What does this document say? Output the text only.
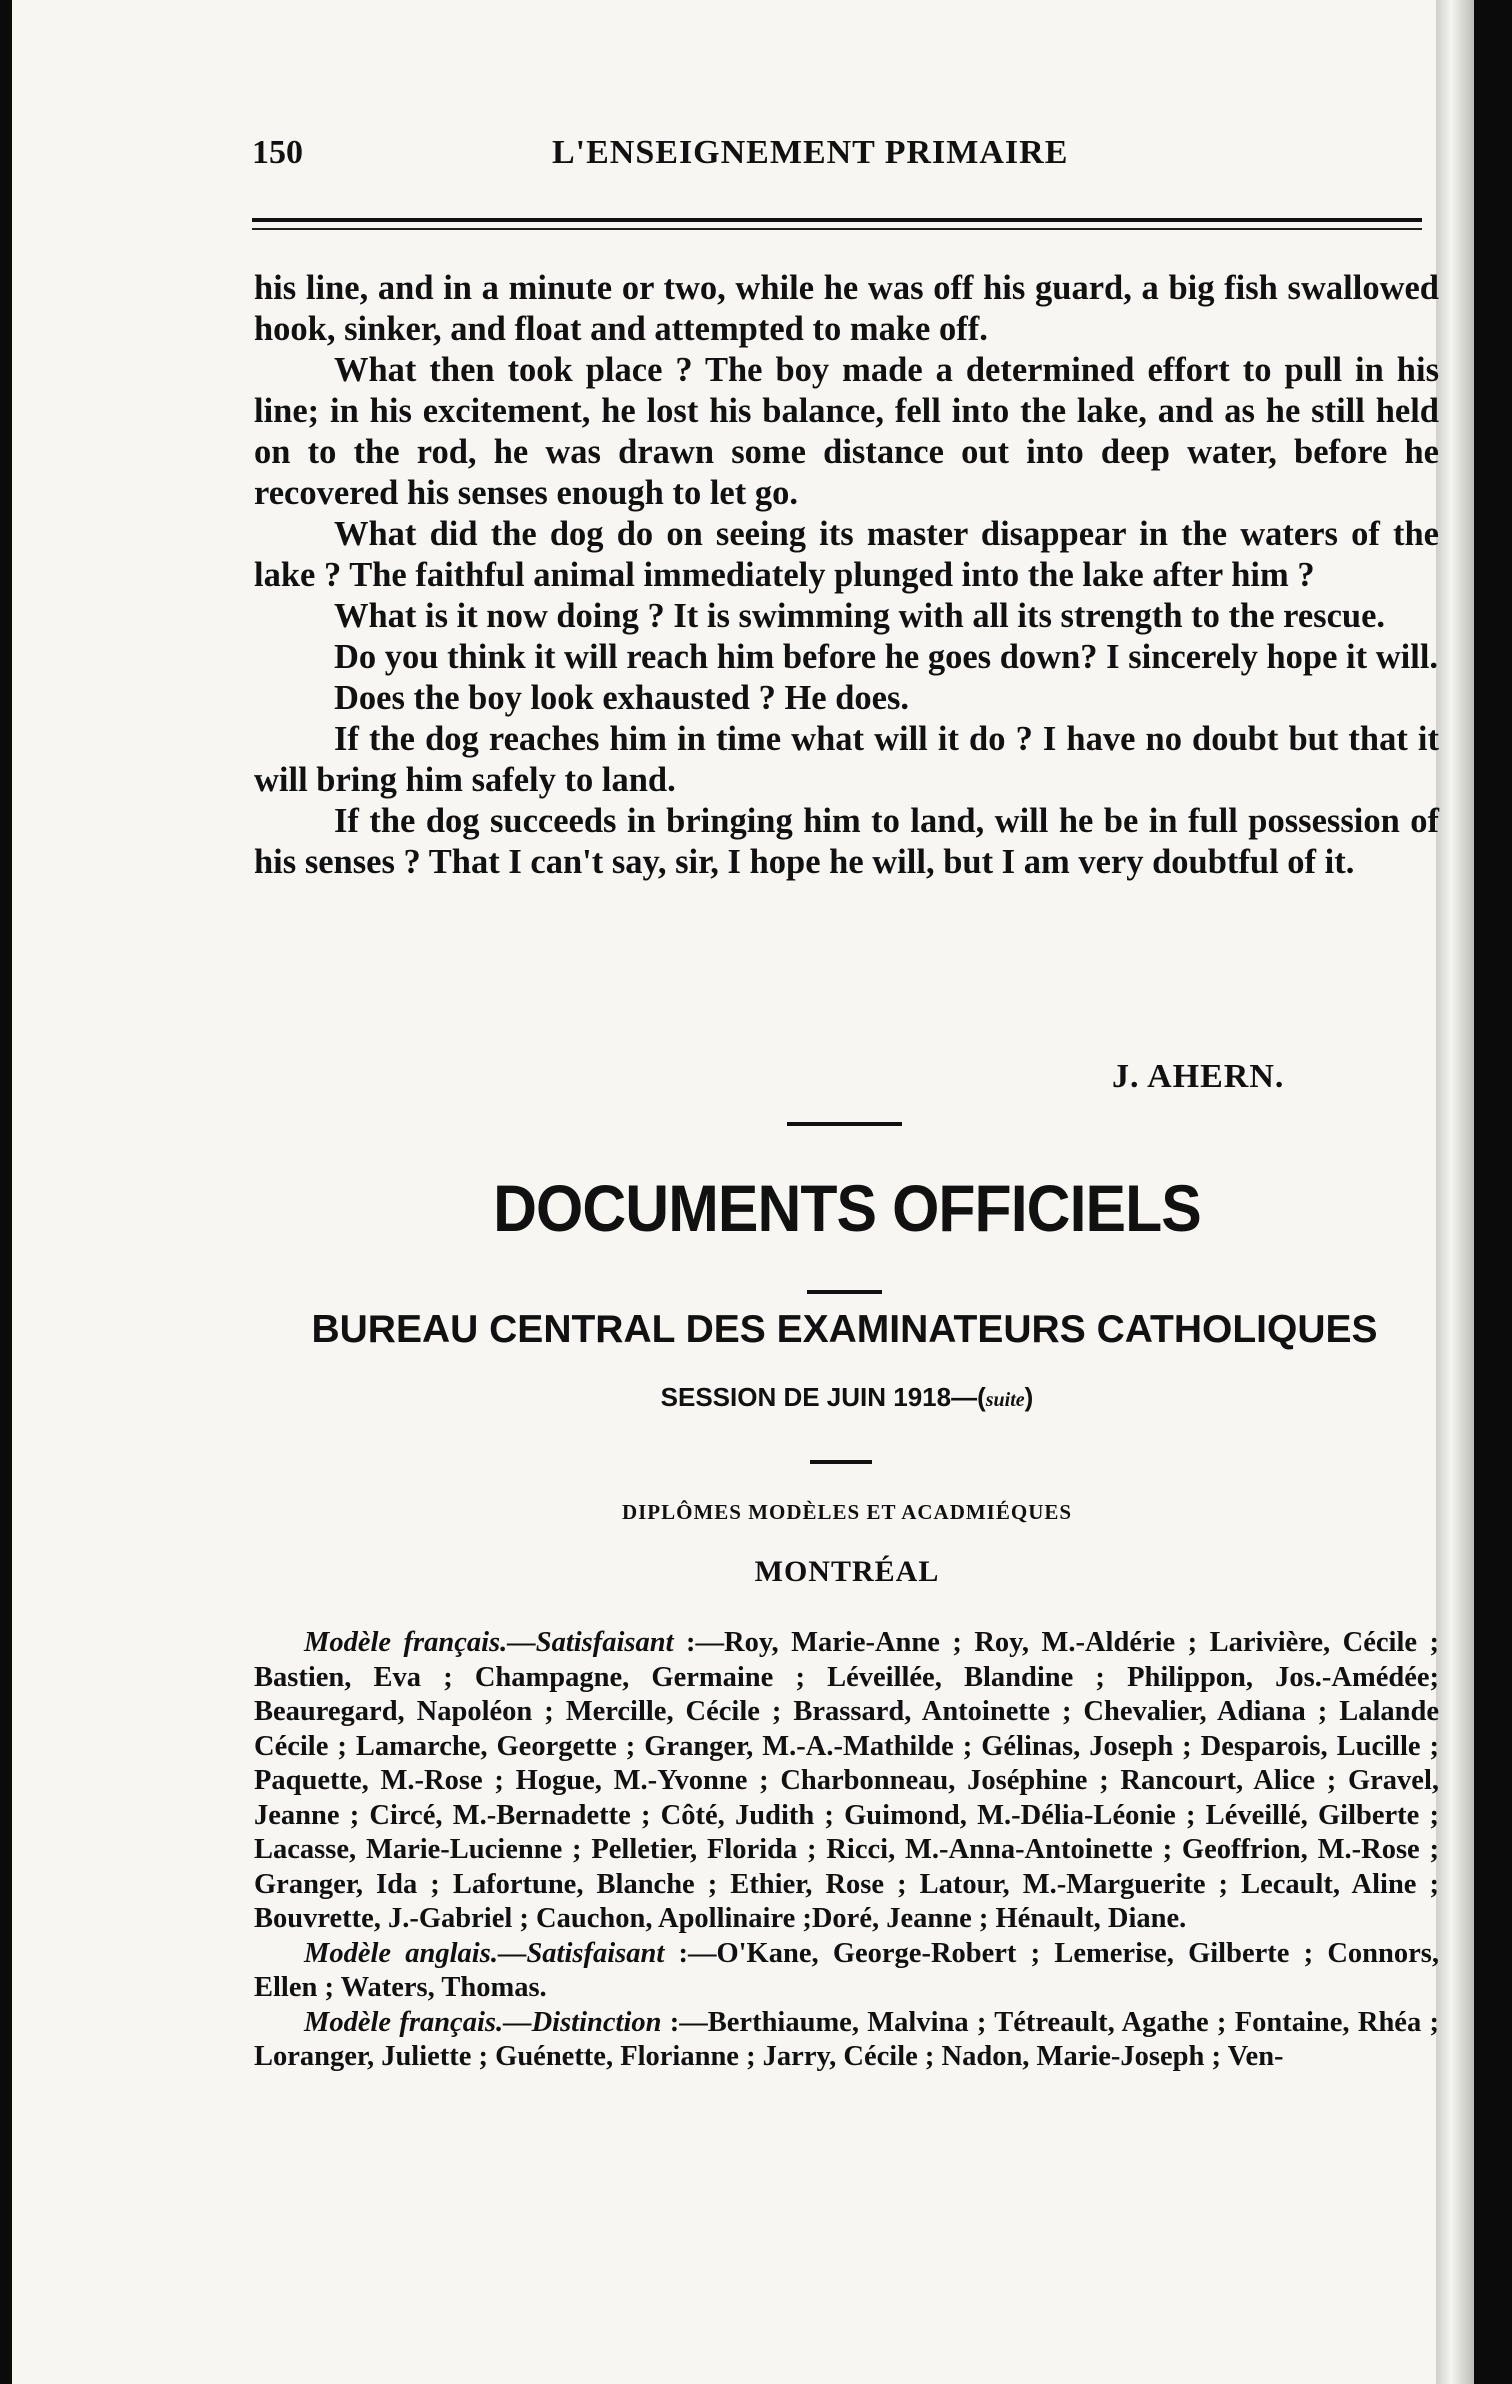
150	L'ENSEIGNEMENT PRIMAIRE

his line, and in a minute or two, while he was off his guard, a big fish swallowed hook, sinker, and float and attempted to make off.

What then took place ? The boy made a determined effort to pull in his line; in his excitement, he lost his balance, fell into the lake, and as he still held on to the rod, he was drawn some distance out into deep water, before he recovered his senses enough to let go.

What did the dog do on seeing its master disappear in the waters of the lake ? The faithful animal immediately plunged into the lake after him ?

What is it now doing ? It is swimming with all its strength to the rescue.

Do you think it will reach him before he goes down? I sincerely hope it will.

Does the boy look exhausted ? He does.

If the dog reaches him in time what will it do ? I have no doubt but that it will bring him safely to land.

If the dog succeeds in bringing him to land, will he be in full possession of his senses ? That I can't say, sir, I hope he will, but I am very doubtful of it.

J. AHERN.
DOCUMENTS OFFICIELS
BUREAU CENTRAL DES EXAMINATEURS CATHOLIQUES
SESSION DE JUIN 1918—(suite)
DIPLÔMES MODÈLES ET ACADMIÉQUES
MONTRÉAL

Modèle français.—Satisfaisant :—Roy, Marie-Anne ; Roy, M.-Aldérie ; Larivière, Cécile ; Bastien, Eva ; Champagne, Germaine ; Léveillée, Blandine ; Philippon, Jos.-Amédée; Beauregard, Napoléon ; Mercille, Cécile ; Brassard, Antoinette ; Chevalier, Adiana ; Lalande Cécile ; Lamarche, Georgette ; Granger, M.-A.-Mathilde ; Gélinas, Joseph ; Desparois, Lucille ; Paquette, M.-Rose ; Hogue, M.-Yvonne ; Charbonneau, Joséphine ; Rancourt, Alice ; Gravel, Jeanne ; Circé, M.-Bernadette ; Côté, Judith ; Guimond, M.-Délia-Léonie ; Léveillé, Gilberte ; Lacasse, Marie-Lucienne ; Pelletier, Florida ; Ricci, M.-Anna-Antoinette ; Geoffrion, M.-Rose ; Granger, Ida ; Lafortune, Blanche ; Ethier, Rose ; Latour, M.-Marguerite ; Lecault, Aline ; Bouvrette, J.-Gabriel ; Cauchon, Apollinaire ;Doré, Jeanne ; Hénault, Diane.

Modèle anglais.—Satisfaisant :—O'Kane, George-Robert ; Lemerise, Gilberte ; Connors, Ellen ; Waters, Thomas.

Modèle français.—Distinction :—Berthiaume, Malvina ; Tétreault, Agathe ; Fontaine, Rhéa ; Loranger, Juliette ; Guénette, Florianne ; Jarry, Cécile ; Nadon, Marie-Joseph ; Ven-
